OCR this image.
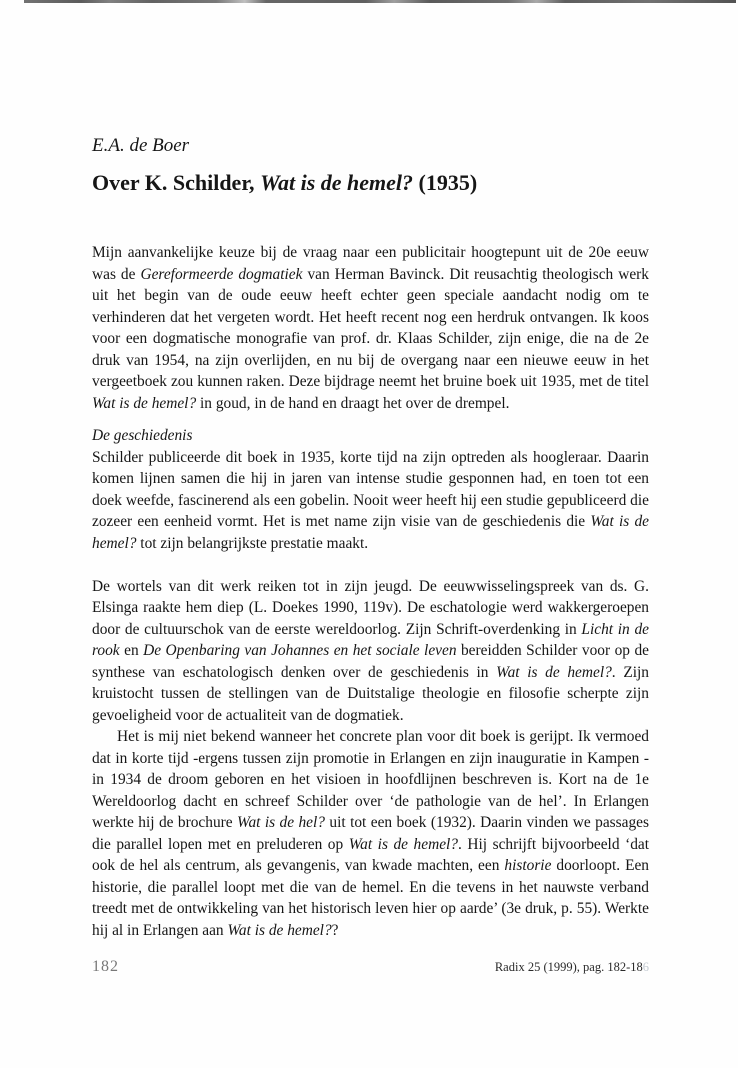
E.A. de Boer
Over K. Schilder, Wat is de hemel? (1935)

Mijn aanvankelijke keuze bij de vraag naar een publicitair hoogtepunt uit de 20e eeuw was de Gereformeerde dogmatiek van Herman Bavinck. Dit reusachtig theologisch werk uit het begin van de oude eeuw heeft echter geen speciale aandacht nodig om te verhinderen dat het vergeten wordt. Het heeft recent nog een herdruk ontvangen. Ik koos voor een dogmatische monografie van prof. dr. Klaas Schilder, zijn enige, die na de 2e druk van 1954, na zijn overlijden, en nu bij de overgang naar een nieuwe eeuw in het vergeetboek zou kunnen raken. Deze bijdrage neemt het bruine boek uit 1935, met de titel Wat is de hemel? in goud, in de hand en draagt het over de drempel.

De geschiedenis

Schilder publiceerde dit boek in 1935, korte tijd na zijn optreden als hoogleraar. Daarin komen lijnen samen die hij in jaren van intense studie gesponnen had, en toen tot een doek weefde, fascinerend als een gobelin. Nooit weer heeft hij een studie gepubliceerd die zozeer een eenheid vormt. Het is met name zijn visie van de geschiedenis die Wat is de hemel? tot zijn belangrijkste prestatie maakt.

De wortels van dit werk reiken tot in zijn jeugd. De eeuwwisselingspreek van ds. G. Elsinga raakte hem diep (L. Doekes 1990, 119v). De eschatologie werd wakkergeroepen door de cultuurschok van de eerste wereldoorlog. Zijn Schrift-overdenking in Licht in de rook en De Openbaring van Johannes en het sociale leven bereidden Schilder voor op de synthese van eschatologisch denken over de geschiedenis in Wat is de hemel?. Zijn kruistocht tussen de stellingen van de Duitstalige theologie en filosofie scherpte zijn gevoeligheid voor de actualiteit van de dogmatiek.

Het is mij niet bekend wanneer het concrete plan voor dit boek is gerijpt. Ik vermoed dat in korte tijd -ergens tussen zijn promotie in Erlangen en zijn inauguratie in Kampen - in 1934 de droom geboren en het visioen in hoofdlijnen beschreven is. Kort na de 1e Wereldoorlog dacht en schreef Schilder over ‘de pathologie van de hel’. In Erlangen werkte hij de brochure Wat is de hel? uit tot een boek (1932). Daarin vinden we passages die parallel lopen met en preluderen op Wat is de hemel?. Hij schrijft bijvoorbeeld ‘dat ook de hel als centrum, als gevangenis, van kwade machten, een historie doorloopt. Een historie, die parallel loopt met die van de hemel. En die tevens in het nauwste verband treedt met de ontwikkeling van het historisch leven hier op aarde’ (3e druk, p. 55). Werkte hij al in Erlangen aan Wat is de hemel??

182	Radix 25 (1999), pag. 182-186
